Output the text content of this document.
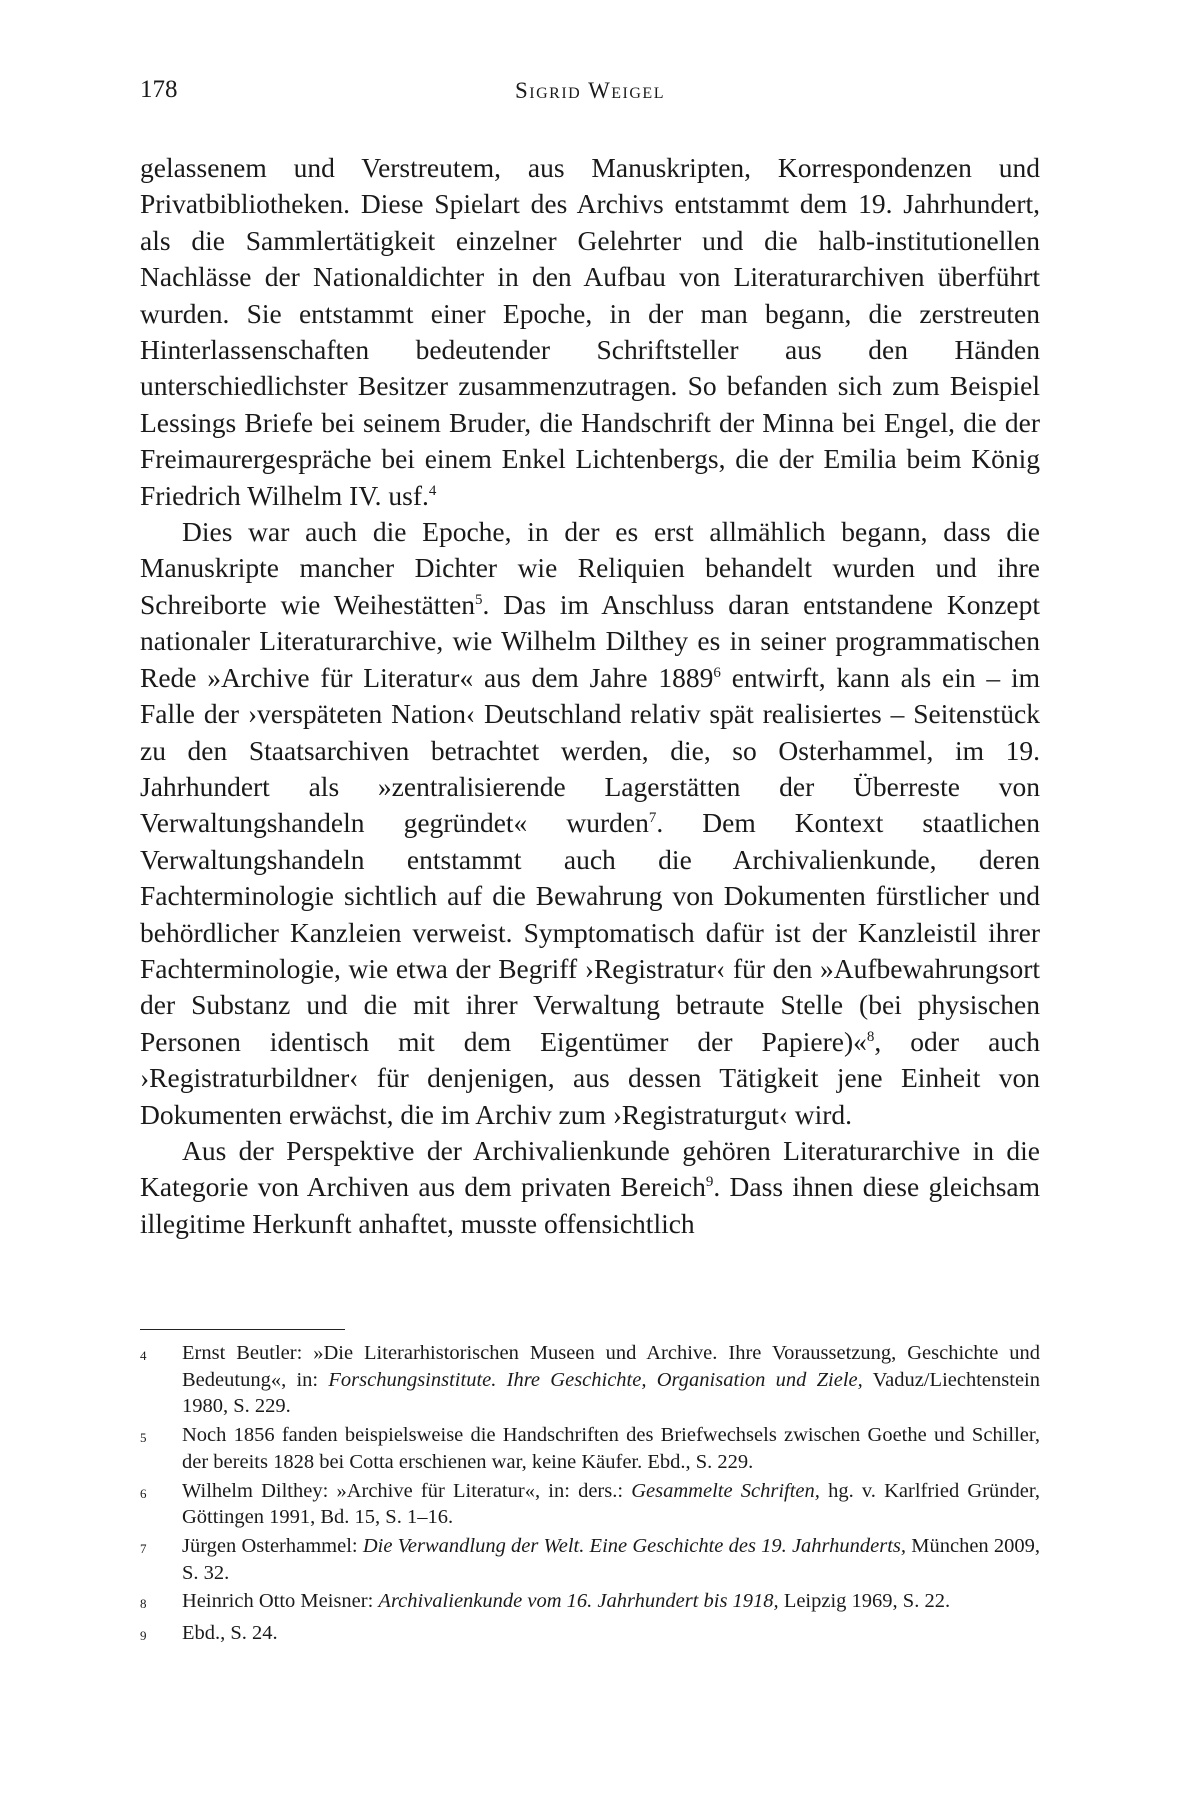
178	Sigrid Weigel

gelassenem und Verstreutem, aus Manuskripten, Korrespondenzen und Privatbibliotheken. Diese Spielart des Archivs entstammt dem 19. Jahrhundert, als die Sammlertätigkeit einzelner Gelehrter und die halb-institutionellen Nachlässe der Nationaldichter in den Aufbau von Literaturarchiven überführt wurden. Sie entstammt einer Epoche, in der man begann, die zerstreuten Hinterlassenschaften bedeutender Schriftsteller aus den Händen unterschiedlichster Besitzer zusammenzutragen. So befanden sich zum Beispiel Lessings Briefe bei seinem Bruder, die Handschrift der Minna bei Engel, die der Freimaurergespräche bei einem Enkel Lichtenbergs, die der Emilia beim König Friedrich Wilhelm IV. usf.$^4$

Dies war auch die Epoche, in der es erst allmählich begann, dass die Manuskripte mancher Dichter wie Reliquien behandelt wurden und ihre Schreiborte wie Weihestätten$^5$. Das im Anschluss daran entstandene Konzept nationaler Literaturarchive, wie Wilhelm Dilthey es in seiner programmatischen Rede »Archive für Literatur« aus dem Jahre 1889$^6$ entwirft, kann als ein – im Falle der ›verspäteten Nation‹ Deutschland relativ spät realisiertes – Seitenstück zu den Staatsarchiven betrachtet werden, die, so Osterhammel, im 19. Jahrhundert als »zentralisierende Lagerstätten der Überreste von Verwaltungshandeln gegründet« wurden$^7$. Dem Kontext staatlichen Verwaltungshandeln entstammt auch die Archivalienkunde, deren Fachterminologie sichtlich auf die Bewahrung von Dokumenten fürstlicher und behördlicher Kanzleien verweist. Symptomatisch dafür ist der Kanzleistil ihrer Fachterminologie, wie etwa der Begriff ›Registratur‹ für den »Aufbewahrungsort der Substanz und die mit ihrer Verwaltung betraute Stelle (bei physischen Personen identisch mit dem Eigentümer der Papiere)«$^8$, oder auch ›Registraturbildner‹ für denjenigen, aus dessen Tätigkeit jene Einheit von Dokumenten erwächst, die im Archiv zum ›Registraturgut‹ wird.

Aus der Perspektive der Archivalienkunde gehören Literaturarchive in die Kategorie von Archiven aus dem privaten Bereich$^9$. Dass ihnen diese gleichsam illegitime Herkunft anhaftet, musste offensichtlich

4	Ernst Beutler: »Die Literarhistorischen Museen und Archive. Ihre Voraussetzung, Geschichte und Bedeutung«, in: Forschungsinstitute. Ihre Geschichte, Organisation und Ziele, Vaduz/Liechtenstein 1980, S. 229.
5	Noch 1856 fanden beispielsweise die Handschriften des Briefwechsels zwischen Goethe und Schiller, der bereits 1828 bei Cotta erschienen war, keine Käufer. Ebd., S. 229.
6	Wilhelm Dilthey: »Archive für Literatur«, in: ders.: Gesammelte Schriften, hg. v. Karlfried Gründer, Göttingen 1991, Bd. 15, S. 1–16.
7	Jürgen Osterhammel: Die Verwandlung der Welt. Eine Geschichte des 19. Jahrhunderts, München 2009, S. 32.
8	Heinrich Otto Meisner: Archivalienkunde vom 16. Jahrhundert bis 1918, Leipzig 1969, S. 22.
9	Ebd., S. 24.
